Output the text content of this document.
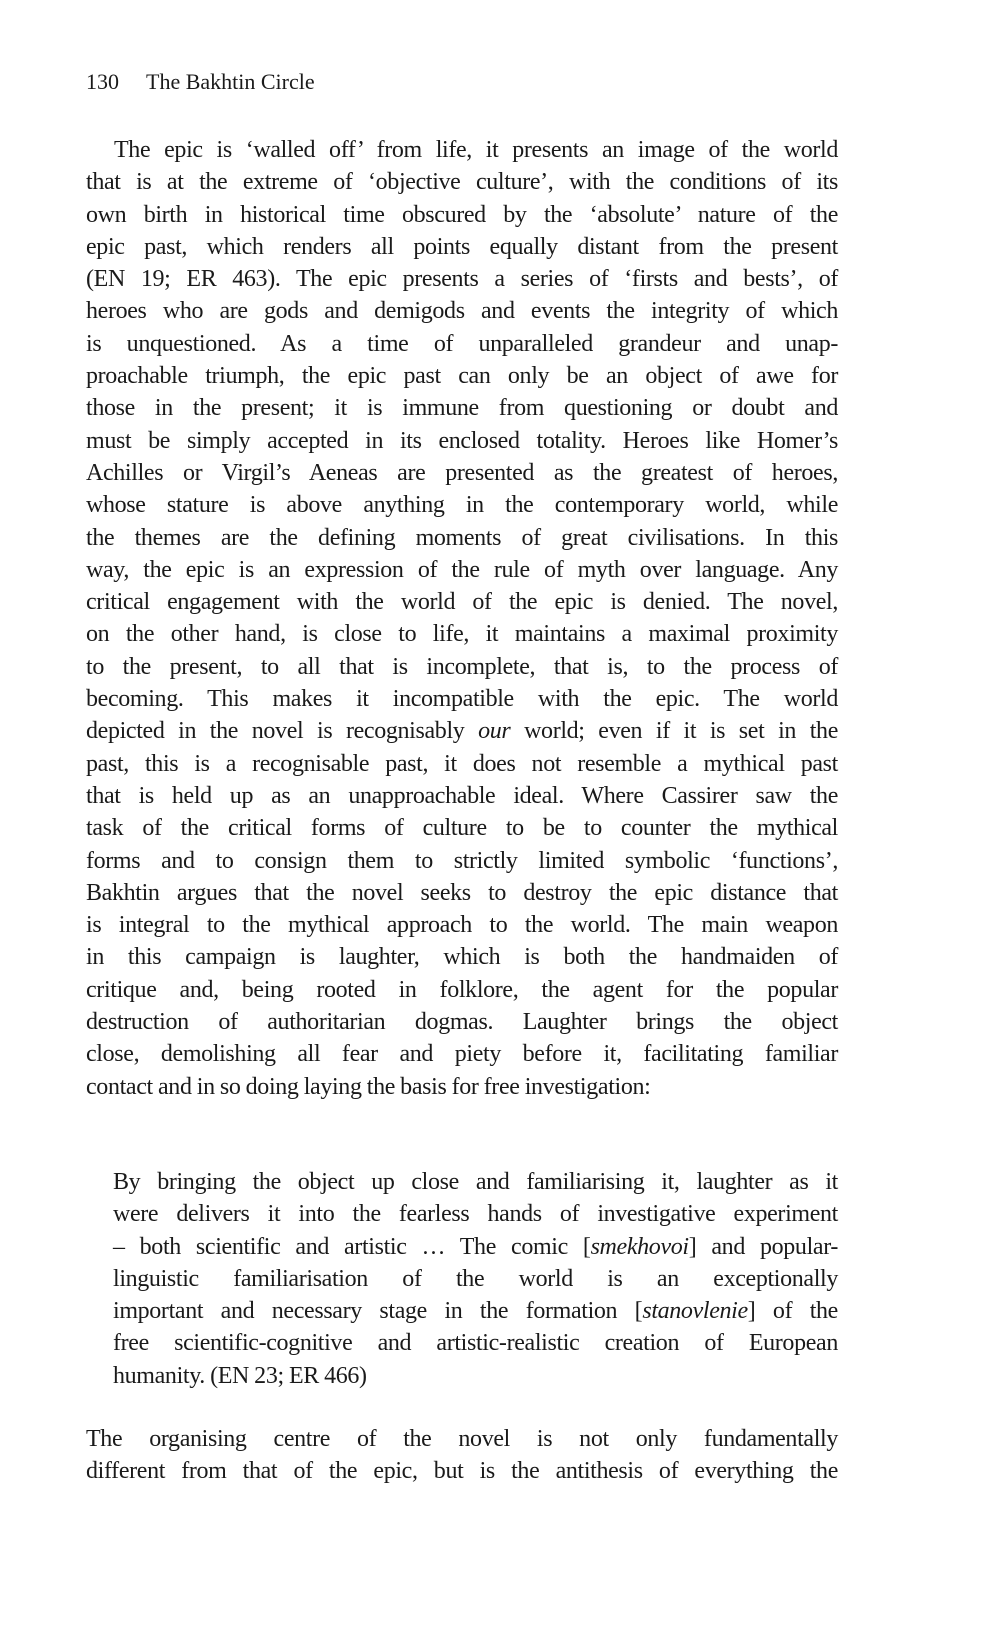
130 The Bakhtin Circle
The epic is ‘walled off’ from life, it presents an image of the world
that is at the extreme of ‘objective culture’, with the conditions of its
own birth in historical time obscured by the ‘absolute’ nature of the
epic past, which renders all points equally distant from the present
(EN 19; ER 463). The epic presents a series of ‘firsts and bests’, of
heroes who are gods and demigods and events the integrity of which
is unquestioned. As a time of unparalleled grandeur and unap-
proachable triumph, the epic past can only be an object of awe for
those in the present; it is immune from questioning or doubt and
must be simply accepted in its enclosed totality. Heroes like Homer’s
Achilles or Virgil’s Aeneas are presented as the greatest of heroes,
whose stature is above anything in the contemporary world, while
the themes are the defining moments of great civilisations. In this
way, the epic is an expression of the rule of myth over language. Any
critical engagement with the world of the epic is denied. The novel,
on the other hand, is close to life, it maintains a maximal proximity
to the present, to all that is incomplete, that is, to the process of
becoming. This makes it incompatible with the epic. The world
depicted in the novel is recognisably our world; even if it is set in the
past, this is a recognisable past, it does not resemble a mythical past
that is held up as an unapproachable ideal. Where Cassirer saw the
task of the critical forms of culture to be to counter the mythical
forms and to consign them to strictly limited symbolic ‘functions’,
Bakhtin argues that the novel seeks to destroy the epic distance that
is integral to the mythical approach to the world. The main weapon
in this campaign is laughter, which is both the handmaiden of
critique and, being rooted in folklore, the agent for the popular
destruction of authoritarian dogmas. Laughter brings the object
close, demolishing all fear and piety before it, facilitating familiar
contact and in so doing laying the basis for free investigation:
By bringing the object up close and familiarising it, laughter as it
were delivers it into the fearless hands of investigative experiment
– both scientific and artistic … The comic [smekhovoi] and popular-
linguistic familiarisation of the world is an exceptionally
important and necessary stage in the formation [stanovlenie] of the
free scientific-cognitive and artistic-realistic creation of European
humanity. (EN 23; ER 466)
The organising centre of the novel is not only fundamentally
different from that of the epic, but is the antithesis of everything the
